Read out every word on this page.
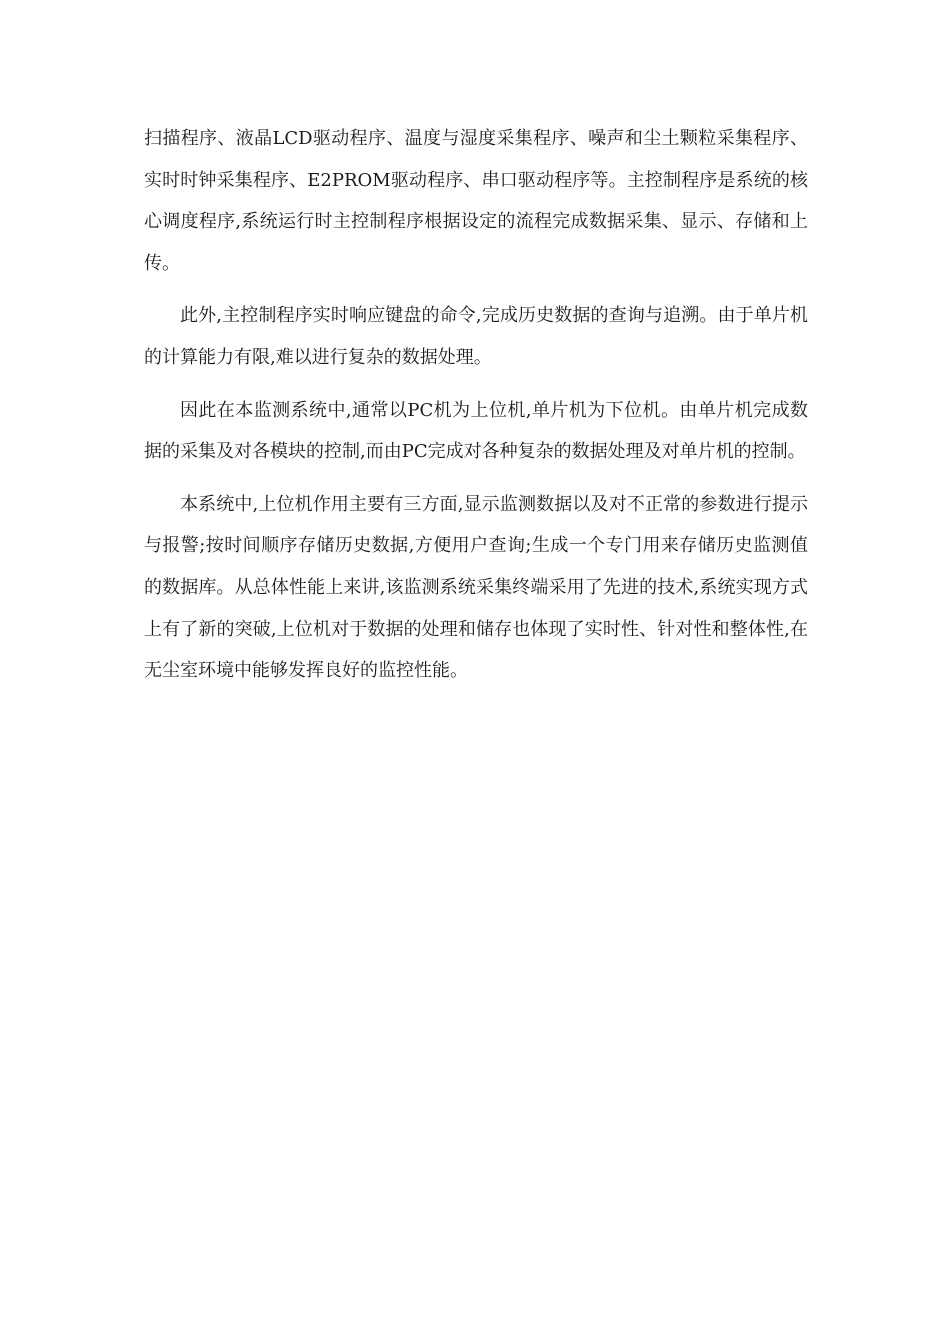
扫描程序、液晶LCD驱动程序、温度与湿度采集程序、噪声和尘土颗粒采集程序、实时时钟采集程序、E2PROM驱动程序、串口驱动程序等。主控制程序是系统的核心调度程序,系统运行时主控制程序根据设定的流程完成数据采集、显示、存储和上传。

此外,主控制程序实时响应键盘的命令,完成历史数据的查询与追溯。由于单片机的计算能力有限,难以进行复杂的数据处理。

因此在本监测系统中,通常以PC机为上位机,单片机为下位机。由单片机完成数据的采集及对各模块的控制,而由PC完成对各种复杂的数据处理及对单片机的控制。

本系统中,上位机作用主要有三方面,显示监测数据以及对不正常的参数进行提示与报警;按时间顺序存储历史数据,方便用户查询;生成一个专门用来存储历史监测值的数据库。从总体性能上来讲,该监测系统采集终端采用了先进的技术,系统实现方式上有了新的突破,上位机对于数据的处理和储存也体现了实时性、针对性和整体性,在无尘室环境中能够发挥良好的监控性能。
